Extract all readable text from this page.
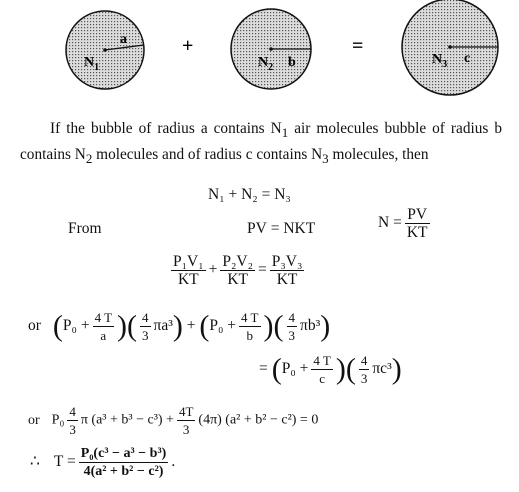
a
$N_1$
+
$N_2$ b
=
$N_3$ c
If the bubble of radius a contains $N_1$ air molecules bubble of radius b contains $N_2$ molecules and of radius c contains $N_3$ molecules, then
N₁ + N₂ = N₃
From	PV = NKT	$N = \frac{PV}{KT}$
$\frac{\text{P₁V₁}}{KT} + \frac{\text{P₂V₂}}{KT} = \frac{\text{P₃V₃}}{KT}$
or ($P_0 + \frac{4 T}{a}$ )( $\frac{4}{3} \pi a^3) + (P_0 + \frac{4 T}{b}$ )( $\frac{4}{3} \pi b^3$)
= ($P_0 + \frac{4 T}{c}$ )( $\frac{4}{3} \pi c^3$)
or $P_0 \frac{4}{3}$ π $(a^3 + b^3 - c^3) + \frac{4T}{3} (4\pi) (a^2 + b^2 - c^2) = 0$
∴ $T = \frac{\text{P₀(c³ − a³ − b³)}}{\text{4(a² + b² − c²)}}$ .
